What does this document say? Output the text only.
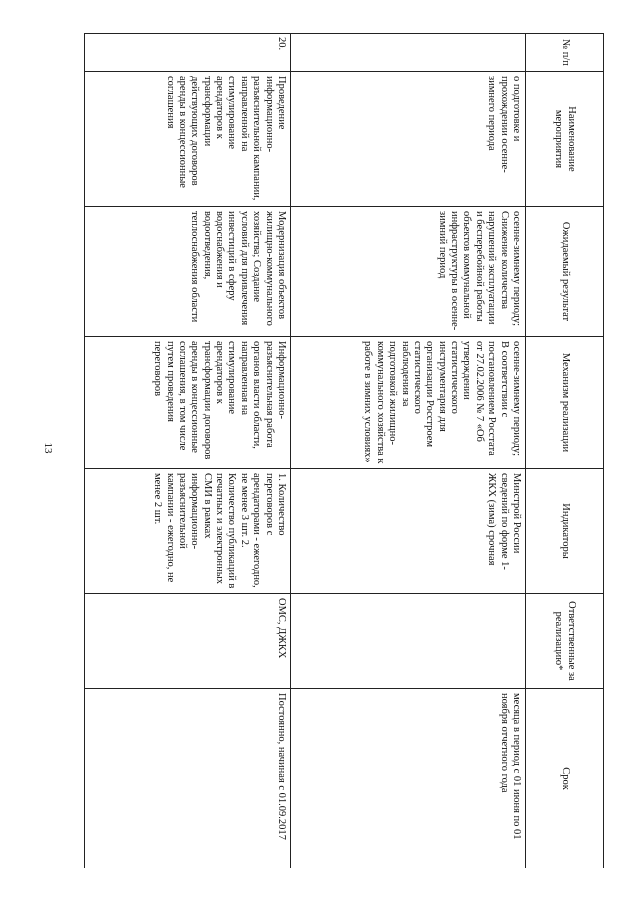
13
№ п/п	Наименование мероприятия	Ожидаемый результат	Механизм реализации	Индикаторы	Ответственные за реализацию*	Срок
	о подготовке и прохождении осенне-зимнего периода	осенне-зимнему периоду; Снижение количества нарушений эксплуатации и бесперебойной работы объектов коммунальной инфраструктуры в осенне-зимний период	осенне-зимнему периоду; В соответствии с постановлением Росстата от 27.02.2006 № 7 «Об утверждении статистического инструментария для организации Росстроем статистического наблюдения за подготовкой жилищно-коммунального хозяйства к работе в зимних условиях»	Минстрой России сведений по форме 1-ЖКХ (зима) срочная		месяца в период с 01 июня по 01 ноября отчетного года
20.	Проведение информационно-разъяснительной кампании, направленной на стимулирование арендаторов к трансформации действующих договоров аренды в концессионные соглашения	Модернизация объектов жилищно-коммунального хозяйства; Создание условий для привлечения инвестиций в сферу водоснабжения и водоотведения, теплоснабжения области	Информационно-разъяснительная работа органов власти области, направленная на стимулирование арендаторов к трансформации договоров аренды в концессионные соглашения, в том числе путем проведения переговоров	1. Количество переговоров с арендаторами - ежегодно, не менее 3 шт. 2. Количество публикаций в печатных и электронных СМИ в рамках информационно-разъяснительной кампании - ежегодно, не менее 2 шт.	ОМС, ДЖКХ	Постоянно, начиная с 01.09.2017
